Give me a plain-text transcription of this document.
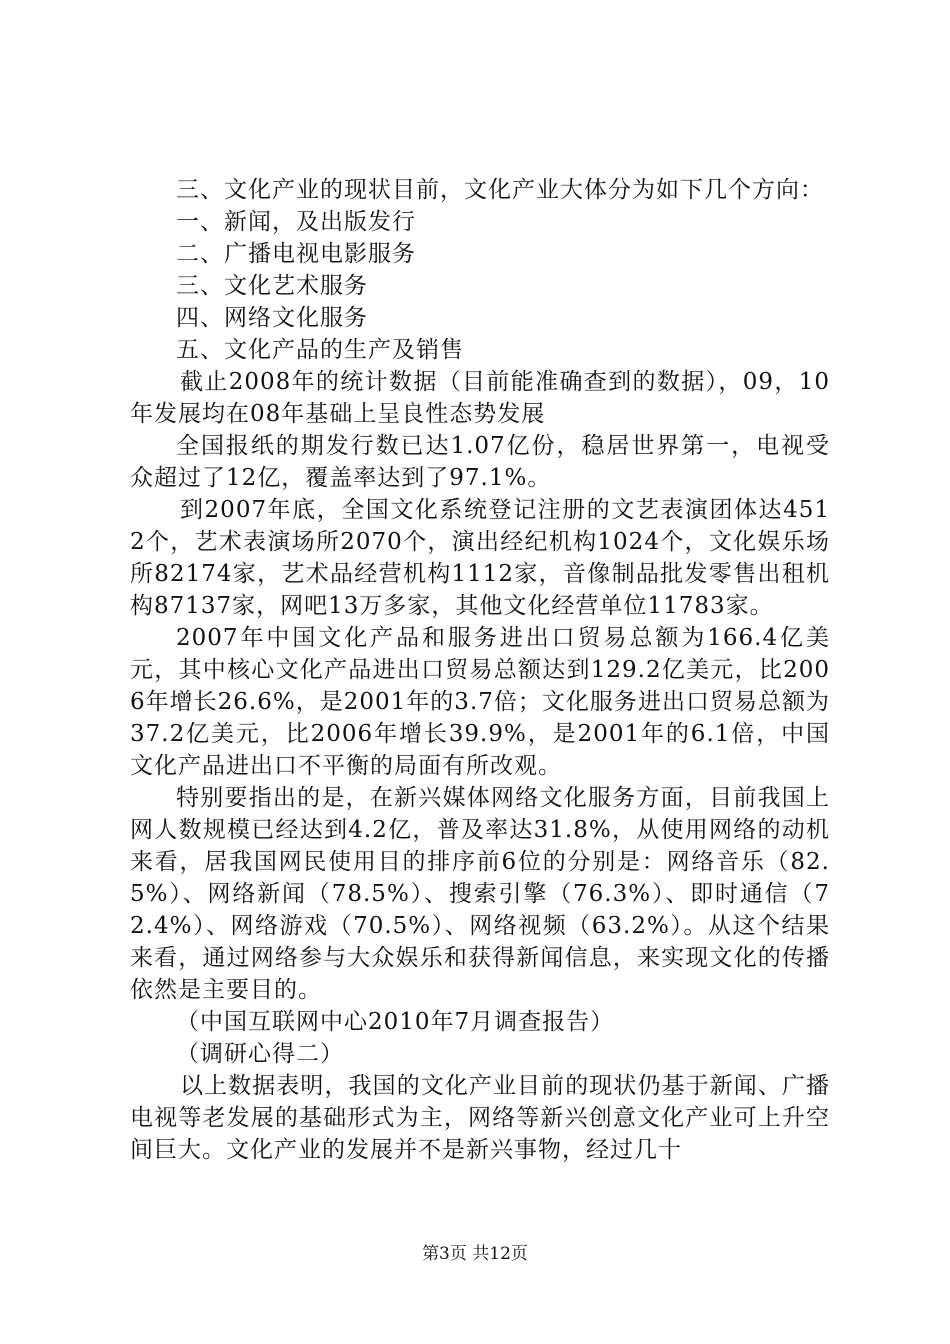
三、文化产业的现状目前，文化产业大体分为如下几个方向：

一、新闻，及出版发行

二、广播电视电影服务

三、文化艺术服务

四、网络文化服务

五、文化产品的生产及销售

截止2008年的统计数据（目前能准确查到的数据），09，10年发展均在08年基础上呈良性态势发展

全国报纸的期发行数已达1.07亿份，稳居世界第一，电视受众超过了12亿，覆盖率达到了97.1%。

到2007年底，全国文化系统登记注册的文艺表演团体达4512个，艺术表演场所2070个，演出经纪机构1024个，文化娱乐场所82174家，艺术品经营机构1112家，音像制品批发零售出租机构87137家，网吧13万多家，其他文化经营单位11783家。

2007年中国文化产品和服务进出口贸易总额为166.4亿美元，其中核心文化产品进出口贸易总额达到129.2亿美元，比2006年增长26.6%，是2001年的3.7倍；文化服务进出口贸易总额为37.2亿美元，比2006年增长39.9%，是2001年的6.1倍，中国文化产品进出口不平衡的局面有所改观。

特别要指出的是，在新兴媒体网络文化服务方面，目前我国上网人数规模已经达到4.2亿，普及率达31.8%，从使用网络的动机来看，居我国网民使用目的排序前6位的分别是：网络音乐（82.5%）、网络新闻（78.5%）、搜索引擎（76.3%）、即时通信（72.4%）、网络游戏（70.5%）、网络视频（63.2%）。从这个结果来看，通过网络参与大众娱乐和获得新闻信息，来实现文化的传播依然是主要目的。

（中国互联网中心2010年7月调查报告）

（调研心得二）

以上数据表明，我国的文化产业目前的现状仍基于新闻、广播电视等老发展的基础形式为主，网络等新兴创意文化产业可上升空间巨大。文化产业的发展并不是新兴事物，经过几十

第3页 共12页
